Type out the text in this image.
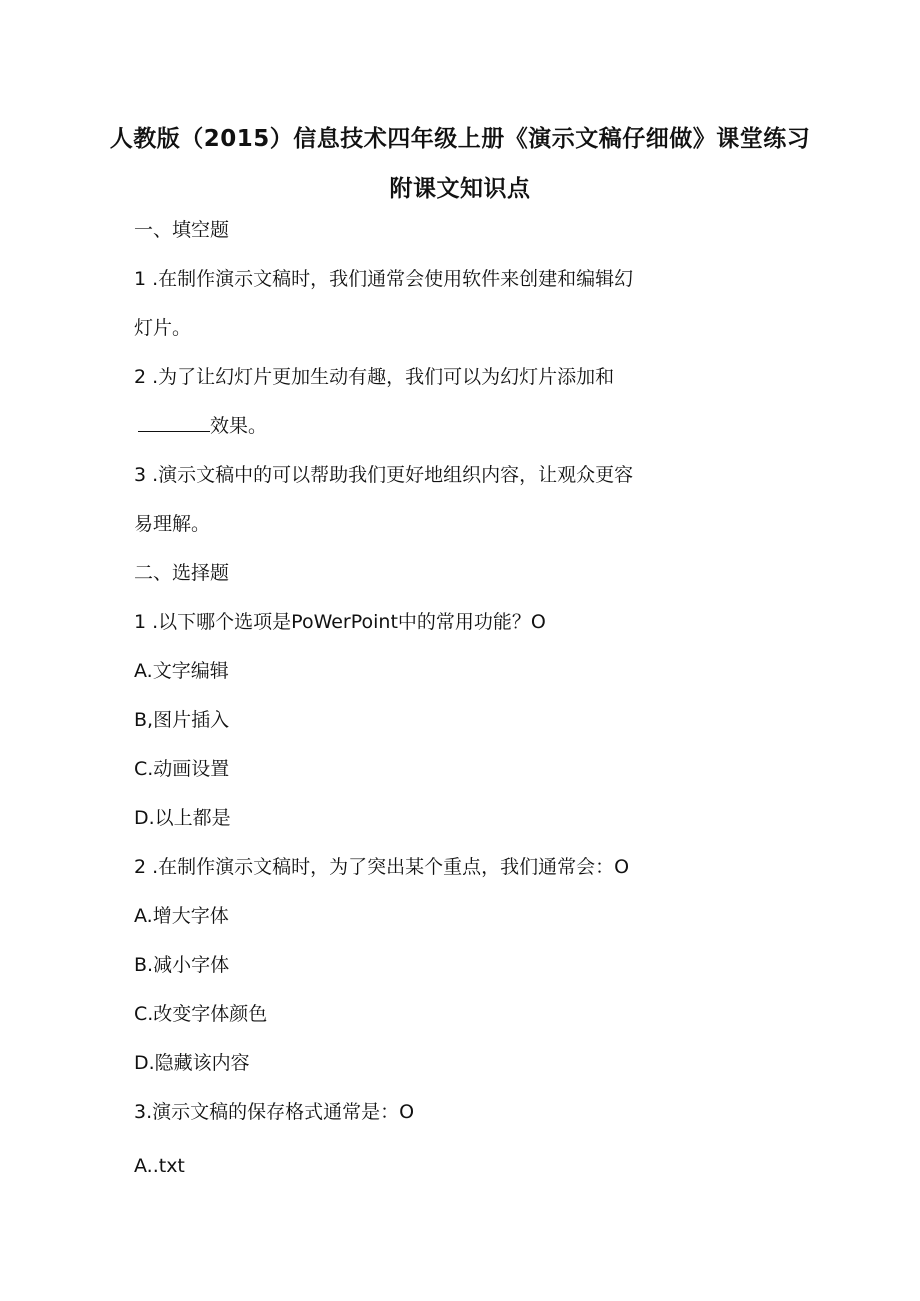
人教版（2015）信息技术四年级上册《演示文稿仔细做》课堂练习
附课文知识点
一、填空题
1 .在制作演示文稿时，我们通常会使用软件来创建和编辑幻
灯片。
2 .为了让幻灯片更加生动有趣，我们可以为幻灯片添加和
效果。
3 .演示文稿中的可以帮助我们更好地组织内容，让观众更容
易理解。
二、选择题
1 .以下哪个选项是PoWerPoint中的常用功能？O
A.文字编辑
B,图片插入
C.动画设置
D.以上都是
2 .在制作演示文稿时，为了突出某个重点，我们通常会：O
A.增大字体
B.减小字体
C.改变字体颜色
D.隐藏该内容
3.演示文稿的保存格式通常是：O
A..txt
